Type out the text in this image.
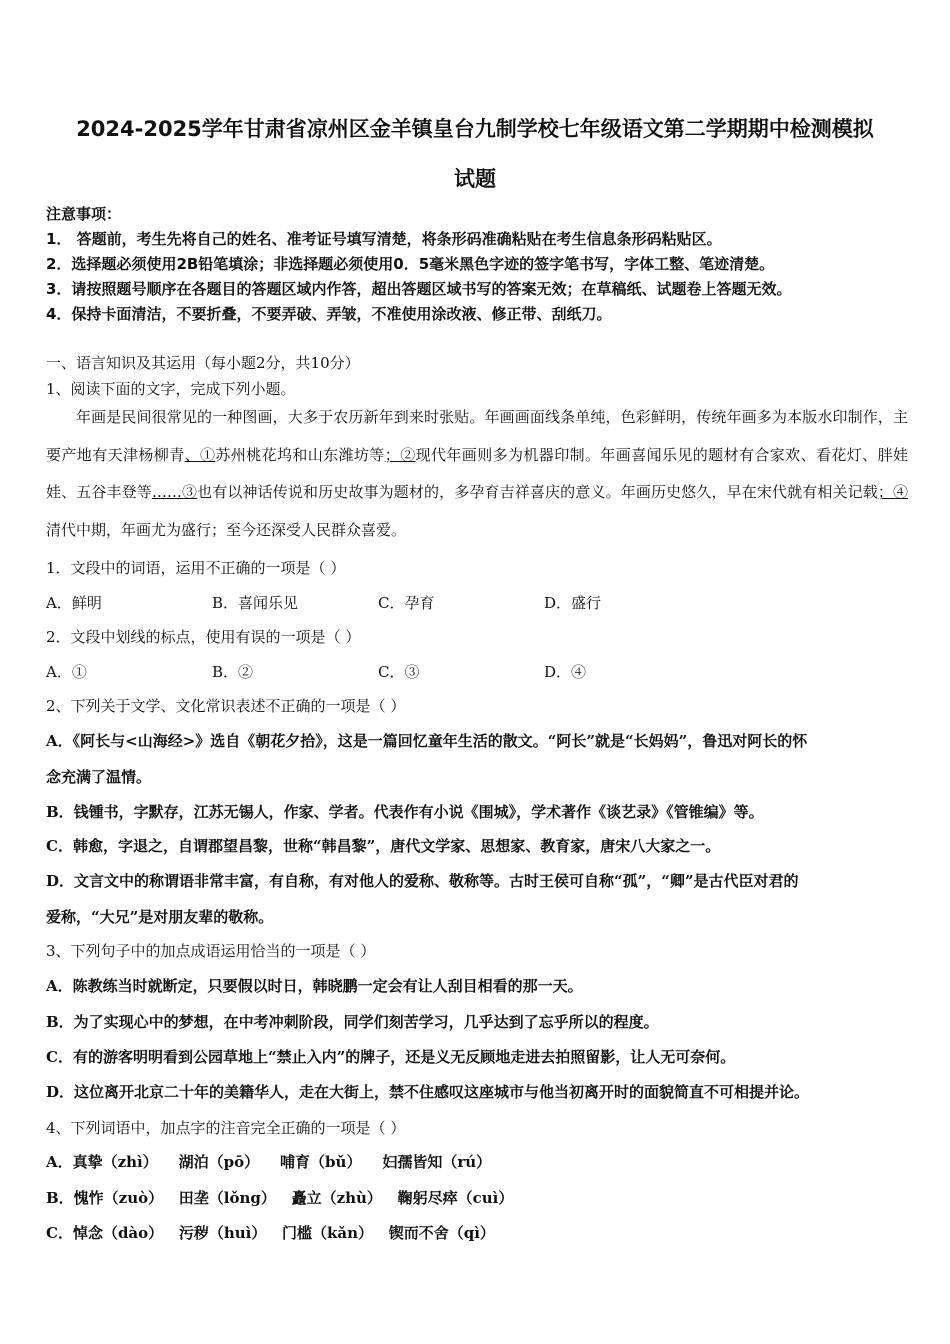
2024-2025学年甘肃省凉州区金羊镇皇台九制学校七年级语文第二学期期中检测模拟
试题
注意事项：
1． 答题前，考生先将自己的姓名、准考证号填写清楚，将条形码准确粘贴在考生信息条形码粘贴区。
2．选择题必须使用2B铅笔填涂；非选择题必须使用0．5毫米黑色字迹的签字笔书写，字体工整、笔迹清楚。
3．请按照题号顺序在各题目的答题区域内作答，超出答题区域书写的答案无效；在草稿纸、试题卷上答题无效。
4．保持卡面清洁，不要折叠，不要弄破、弄皱，不准使用涂改液、修正带、刮纸刀。
一、语言知识及其运用（每小题2分，共10分）
1、阅读下面的文字，完成下列小题。

年画是民间很常见的一种图画，大多于农历新年到来时张贴。年画画面线条单纯，色彩鲜明，传统年画多为本版水印制作，主要产地有天津杨柳青、①苏州桃花坞和山东潍坊等；②现代年画则多为机器印制。年画喜闻乐见的题材有合家欢、看花灯、胖娃娃、五谷丰登等……③也有以神话传说和历史故事为题材的，多孕育吉祥喜庆的意义。年画历史悠久，早在宋代就有相关记载；④清代中期，年画尤为盛行；至今还深受人民群众喜爱。

1．文段中的词语，运用不正确的一项是（ ）
A．鲜明	B．喜闻乐见	C．孕育	D．盛行
2．文段中划线的标点，使用有误的一项是（ ）
A．①	B．②	C．③	D．④
2、下列关于文学、文化常识表述不正确的一项是（ ）
A．《阿长与<山海经>》选自《朝花夕拾》，这是一篇回忆童年生活的散文。“阿长”就是“长妈妈”，鲁迅对阿长的怀
念充满了温情。
B．钱锺书，字默存，江苏无锡人，作家、学者。代表作有小说《围城》，学术著作《谈艺录》《管锥编》等。
C．韩愈，字退之，自谓郡望昌黎，世称“韩昌黎”，唐代文学家、思想家、教育家，唐宋八大家之一。
D．文言文中的称谓语非常丰富，有自称，有对他人的爱称、敬称等。古时王侯可自称“孤”，“卿”是古代臣对君的
爱称，“大兄”是对朋友辈的敬称。
3、下列句子中的加点成语运用恰当的一项是（ ）
A．陈教练当时就断定，只要假以时日，韩晓鹏一定会有让人刮目相看的那一天。
B．为了实现心中的梦想，在中考冲刺阶段，同学们刻苦学习，几乎达到了忘乎所以的程度。
C．有的游客明明看到公园草地上“禁止入内”的牌子，还是义无反顾地走进去拍照留影，让人无可奈何。
D．这位离开北京二十年的美籍华人，走在大街上，禁不住感叹这座城市与他当初离开时的面貌简直不可相提并论。
4、下列词语中，加点字的注音完全正确的一项是（ ）
A．真挚（zhì） 湖泊（pō） 哺育（bǔ） 妇孺皆知（rú）
B．愧怍（zuò） 田垄（lǒng） 矗立（zhù） 鞠躬尽瘁（cuì）
C．悼念（dào） 污秽（huì） 门槛（kǎn） 锲而不舍（qì）
